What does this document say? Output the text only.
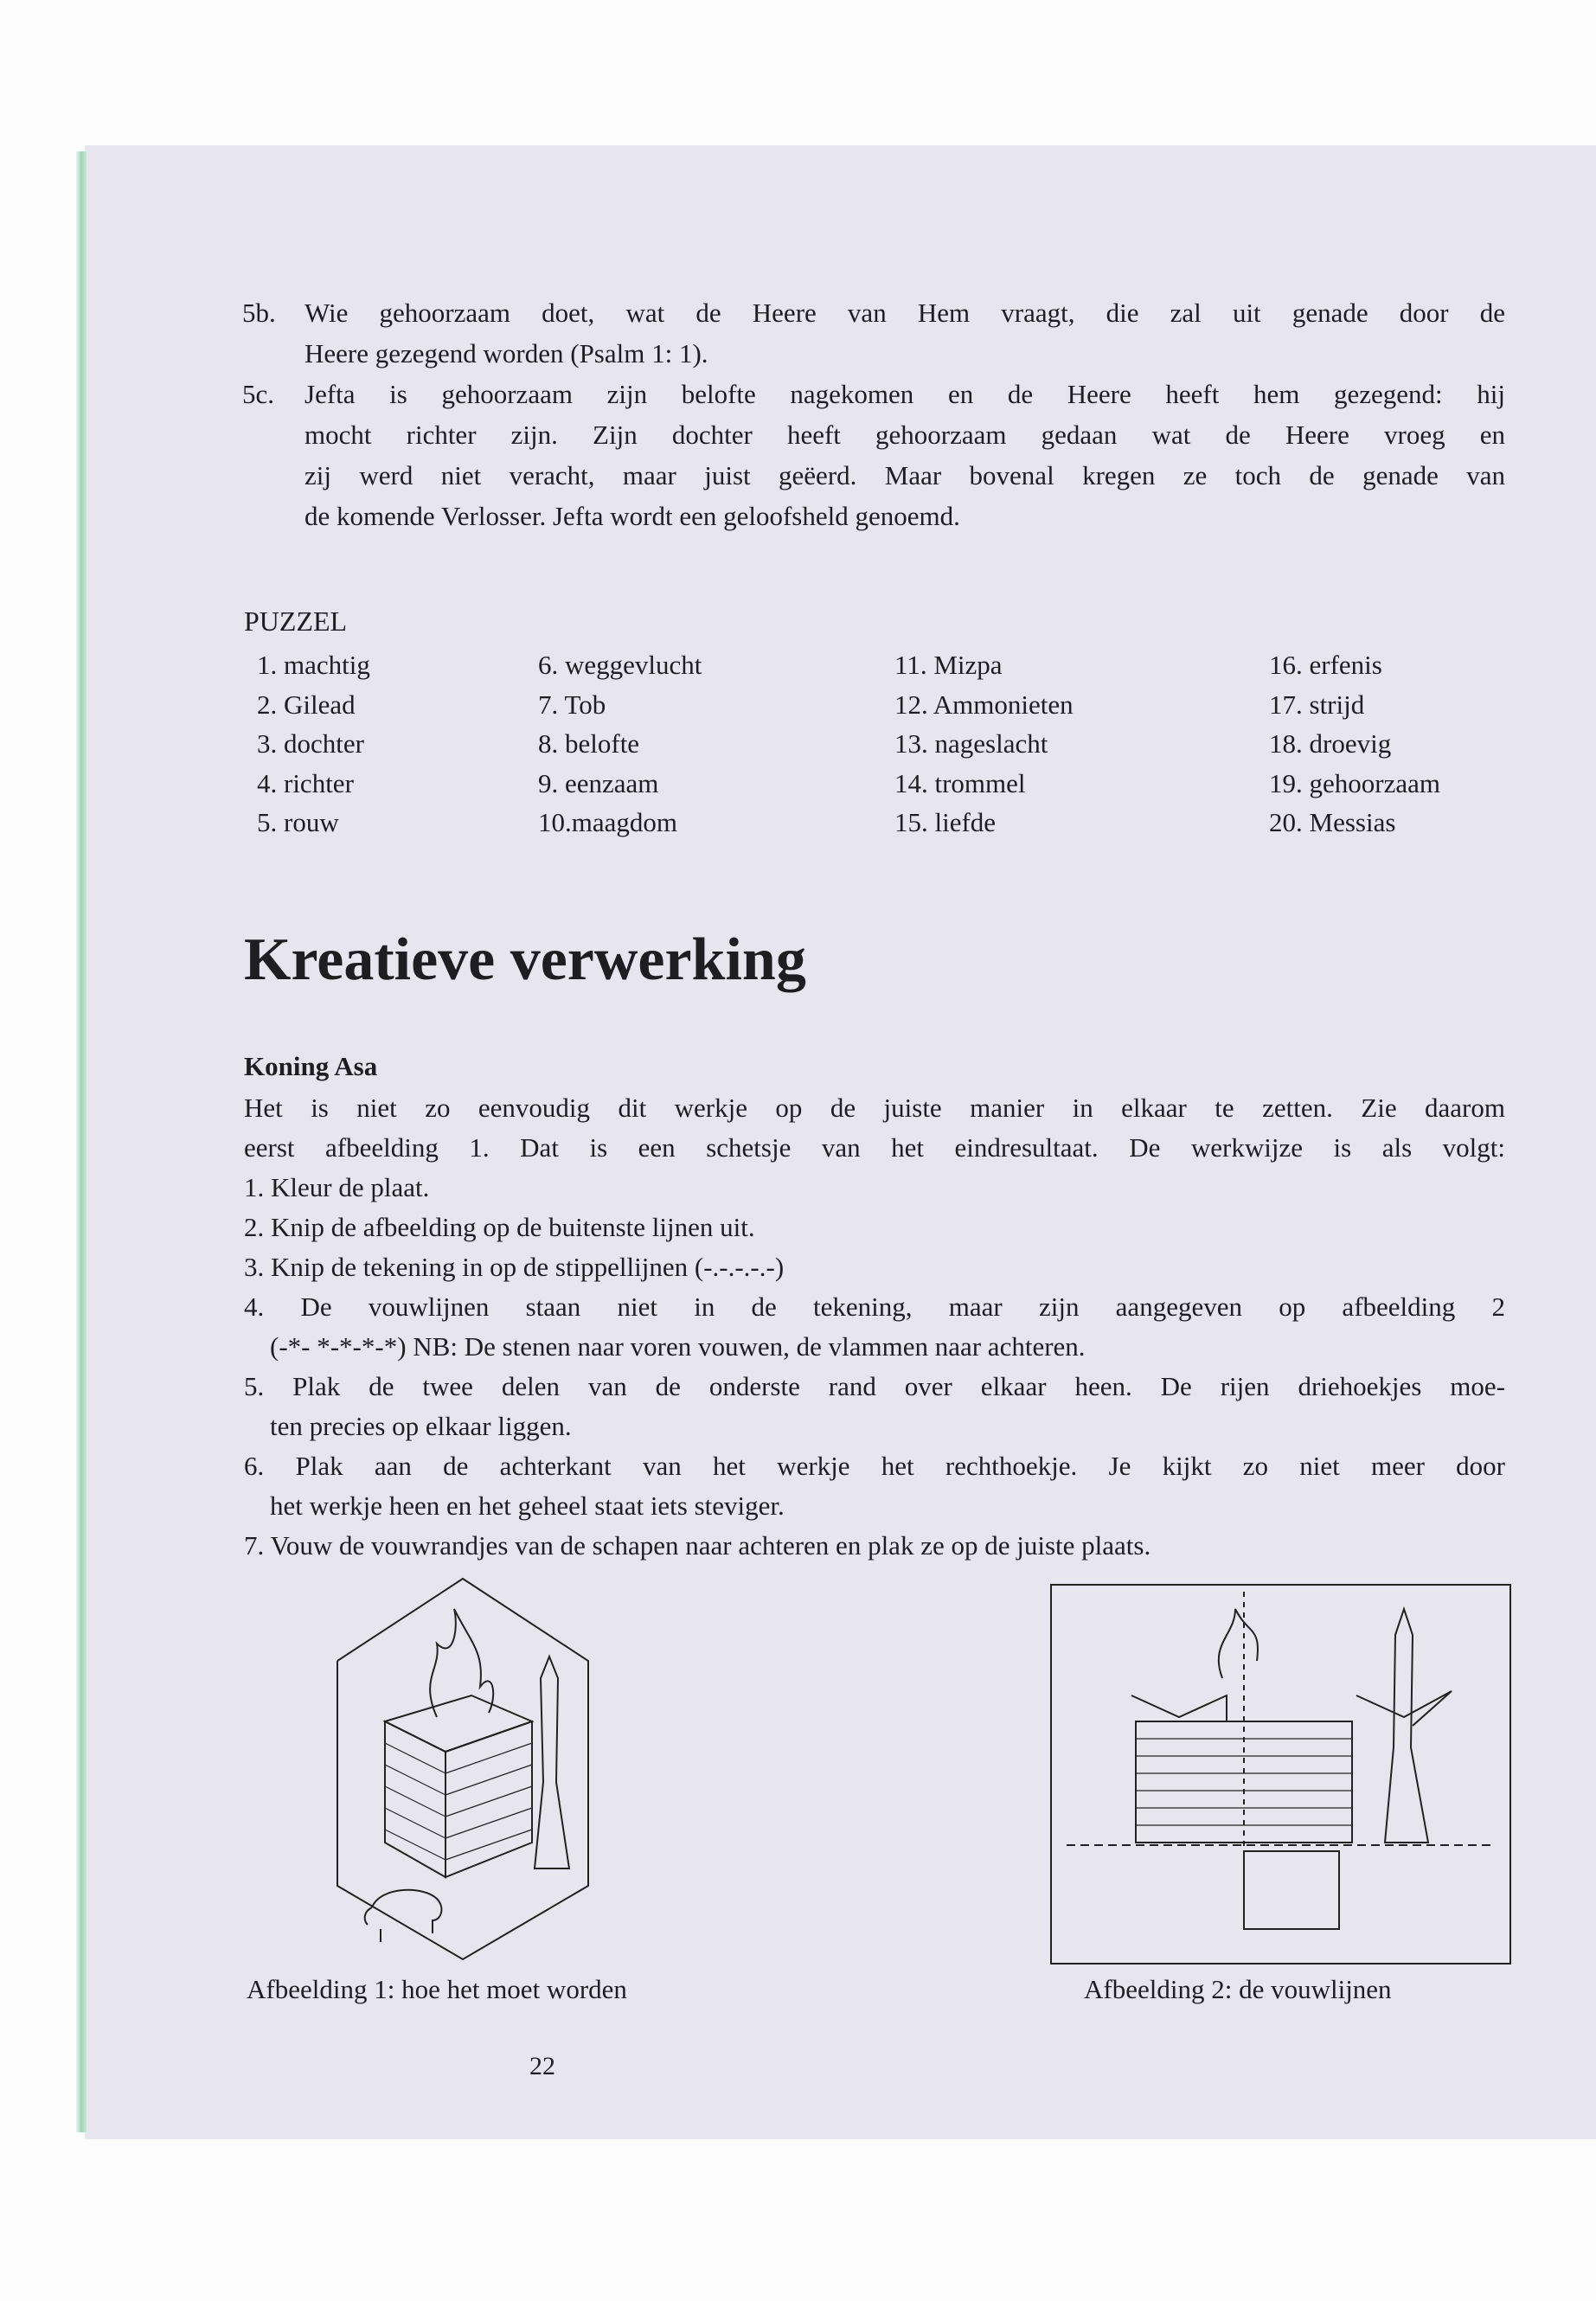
5b. Wie gehoorzaam doet, wat de Heere van Hem vraagt, die zal uit genade door de
Heere gezegend worden (Psalm 1: 1).
5c. Jefta is gehoorzaam zijn belofte nagekomen en de Heere heeft hem gezegend: hij
mocht richter zijn. Zijn dochter heeft gehoorzaam gedaan wat de Heere vroeg en
zij werd niet veracht, maar juist geëerd. Maar bovenal kregen ze toch de genade van
de komende Verlosser. Jefta wordt een geloofsheld genoemd.
PUZZEL
1. machtig
2. Gilead
3. dochter
4. richter
5. rouw
6. weggevlucht
7. Tob
8. belofte
9. eenzaam
10.maagdom
11. Mizpa
12. Ammonieten
13. nageslacht
14. trommel
15. liefde
16. erfenis
17. strijd
18. droevig
19. gehoorzaam
20. Messias
Kreatieve verwerking
Koning Asa
Het is niet zo eenvoudig dit werkje op de juiste manier in elkaar te zetten. Zie daarom
eerst afbeelding 1. Dat is een schetsje van het eindresultaat. De werkwijze is als volgt:
1. Kleur de plaat.
2. Knip de afbeelding op de buitenste lijnen uit.
3. Knip de tekening in op de stippellijnen (-.-.-.-.-)
4. De vouwlijnen staan niet in de tekening, maar zijn aangegeven op afbeelding 2
(-*- *-*-*-*) NB: De stenen naar voren vouwen, de vlammen naar achteren.
5. Plak de twee delen van de onderste rand over elkaar heen. De rijen driehoekjes moe-
ten precies op elkaar liggen.
6. Plak aan de achterkant van het werkje het rechthoekje. Je kijkt zo niet meer door
het werkje heen en het geheel staat iets steviger.
7. Vouw de vouwrandjes van de schapen naar achteren en plak ze op de juiste plaats.
Afbeelding 1: hoe het moet worden	Afbeelding 2: de vouwlijnen
22
